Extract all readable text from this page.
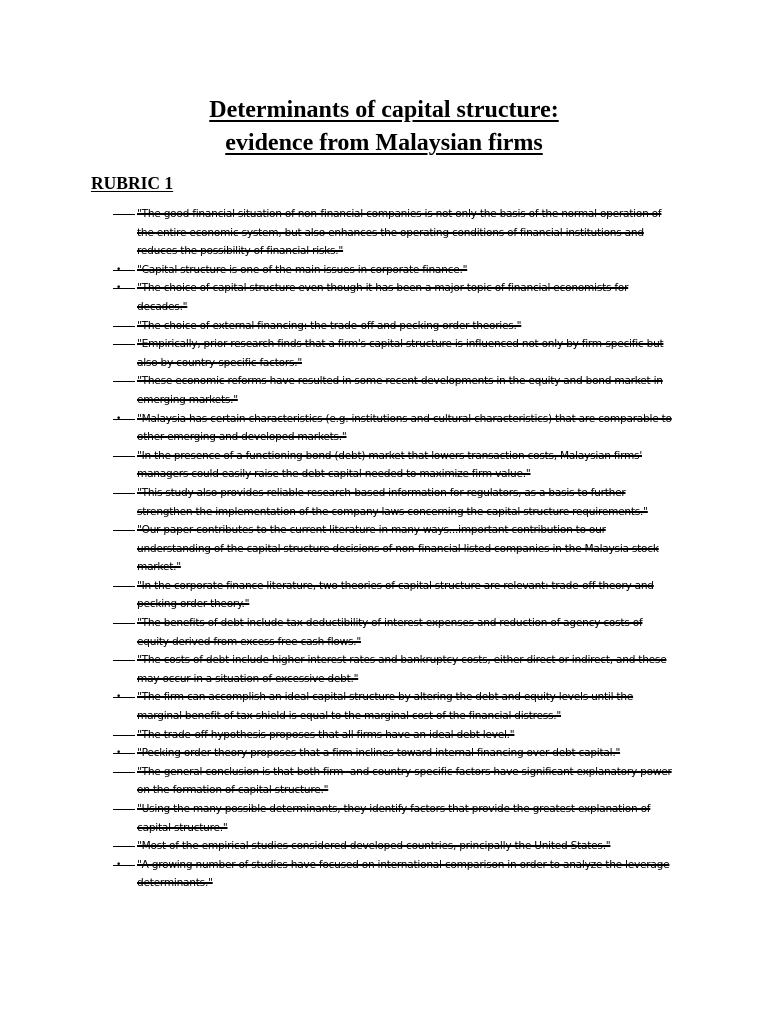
Determinants of capital structure:
evidence from Malaysian firms
RUBRIC 1
"The good financial situation of non-financial companies is not only the basis of the normal operation of the entire economic system, but also enhances the operating conditions of financial institutions and reduces the possibility of financial risks."
• "Capital structure is one of the main issues in corporate finance."
• "The choice of capital structure even though it has been a major topic of financial economists for decades."
"The choice of external financing: the trade-off and pecking order theories."
"Empirically, prior research finds that a firm's capital structure is influenced not only by firm-specific but also by country-specific factors."
"These economic reforms have resulted in some recent developments in the equity and bond market in emerging markets."
• "Malaysia has certain characteristics (e.g. institutions and cultural characteristics) that are comparable to other emerging and developed markets."
"In the presence of a functioning bond (debt) market that lowers transaction costs, Malaysian firms' managers could easily raise the debt capital needed to maximize firm value."
"This study also provides reliable research-based information for regulators, as a basis to further strengthen the implementation of the company laws concerning the capital structure requirements."
"Our paper contributes to the current literature in many ways...important contribution to our understanding of the capital structure decisions of non-financial listed companies in the Malaysia stock market."
"In the corporate finance literature, two theories of capital structure are relevant: trade-off theory and pecking order theory."
"The benefits of debt include tax deductibility of interest expenses and reduction of agency costs of equity derived from excess free cash flows."
"The costs of debt include higher interest rates and bankruptcy costs, either direct or indirect, and these may occur in a situation of excessive debt."
• "The firm can accomplish an ideal capital structure by altering the debt and equity levels until the marginal benefit of tax shield is equal to the marginal cost of the financial distress."
"The trade-off hypothesis proposes that all firms have an ideal debt level."
• "Pecking order theory proposes that a firm inclines toward internal financing over debt capital."
"The general conclusion is that both firm- and country-specific factors have significant explanatory power on the formation of capital structure."
"Using the many possible determinants, they identify factors that provide the greatest explanation of capital structure."
"Most of the empirical studies considered developed countries, principally the United States."
• "A growing number of studies have focused on international comparison in order to analyze the leverage determinants."
